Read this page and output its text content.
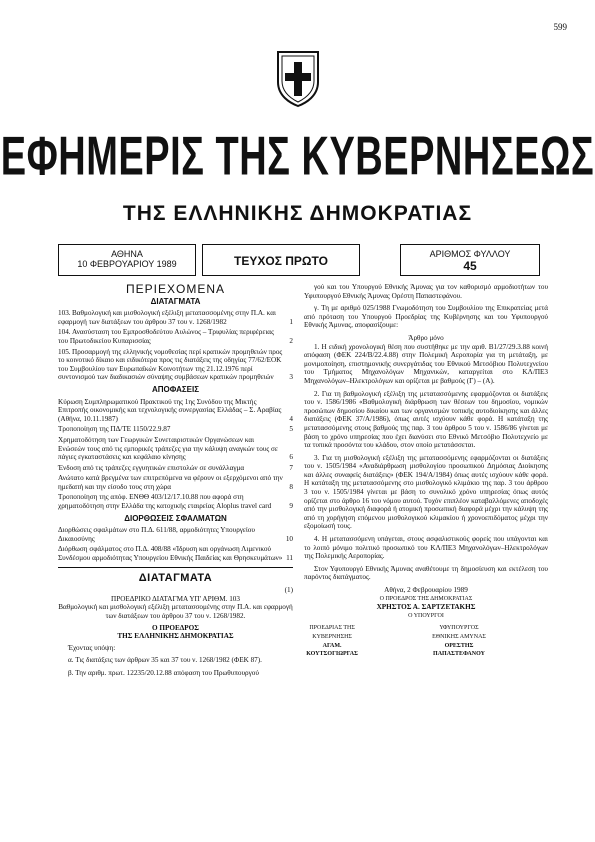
599
ΕΦΗΜΕΡΙΣ ΤΗΣ ΚΥΒΕΡΝΗΣΕΩΣ
ΤΗΣ ΕΛΛΗΝΙΚΗΣ ΔΗΜΟΚΡΑΤΙΑΣ
ΑΘΗΝΑ
10 ΦΕΒΡΟΥΑΡΙΟΥ 1989	ΤΕΥΧΟΣ ΠΡΩΤΟ	ΑΡΙΘΜΟΣ ΦΥΛΛΟΥ
45
ΠΕΡΙΕΧΟΜΕΝΑ
ΔΙΑΤΑΓΜΑΤΑ
103.Βαθμολογική και μισθολογική εξέλιξη μετατασσομένης στην Π.Α. και εφαρμογή των διατάξεων του άρθρου 37 του ν. 1268/1982	1
104.Ανασύσταση του Εμπροσθοδεύτου Αυλώνος – Τριφυλίας περιφέρειας του Πρωτοδικείου Κυπαρισσίας	2
105.Προσαρμογή της ελληνικής νομοθεσίας περί κρατικών προμηθειών προς το κοινοτικό δίκαιο και ειδικότερα προς τις διατάξεις της οδηγίας 77/62/ΕΟΚ του Συμβουλίου των Ευρωπαϊκών Κοινοτήτων της 21.12.1976 περί συντονισμού των διαδικασιών σύναψης συμβάσεων κρατικών προμηθειών 3
ΑΠΟΦΑΣΕΙΣ
Κύρωση Συμπληρωματικού Πρακτικού της 1ης Συνόδου της Μικτής Επιτροπής οικονομικής και τεχνολογικής συνεργασίας Ελλάδας – Σ. Αραβίας (Αθήνα, 10.11.1987)	4
Τροποποίηση της ΠΔ/ΤΕ 1150/22.9.87	5
Χρηματοδότηση των Γεωργικών Συνεταιριστικών Οργανώσεων και Ενώσεών τους από τις εμπορικές τράπεζες για την κάλυψη αναγκών τους σε πάγιες εγκαταστάσεις και κεφάλαιο κίνησης	6
Ένδοση από τις τράπεζες εγγυητικών επιστολών σε συνάλλαγμα	7
Ανώτατο κατά βρεγμένα των επιτρεπόμενα να φέρουν οι εξερχόμενοι από την ημεδαπή και την είσοδο τους στη χώρα	8
Τροποποίηση της απόφ. ΕΝΘΘ 403/12/17.10.88 που αφορά στη χρηματοδότηση στην Ελλάδα της κατοχικής εταιρείας Aloplus travel card	9
ΔΙΟΡΘΩΣΕΙΣ ΣΦΑΛΜΑΤΩΝ
Διορθώσεις σφαλμάτων στο Π.Δ. 611/88, αρμοδιότητες Υπουργείου Δικαιοσύνης	10
Διόρθωση σφάλματος στο Π.Δ. 408/88 «Ίδρυση και οργάνωση Λιμενικού Συνδέσμου αρμοδιότητας Υπουργείου Εθνικής Παιδείας και Θρησκευμάτων» 11
ΔΙΑΤΑΓΜΑΤΑ
(1)
ΠΡΟΕΔΡΙΚΟ ΔΙΑΤΑΓΜΑ ΥΠ' ΑΡΙΘΜ. 103
Βαθμολογική και μισθολογική εξέλιξη μετατασσομένης στην Π.Α. και εφαρμογή των διατάξεων του άρθρου 37 του ν. 1268/1982.
Ο ΠΡΟΕΔΡΟΣ
ΤΗΣ ΕΛΛΗΝΙΚΗΣ ΔΗΜΟΚΡΑΤΙΑΣ
Έχοντας υπόψη:
α. Τις διατάξεις των άρθρων 35 και 37 του ν. 1268/1982 (ΦΕΚ 87).
β. Την αριθμ. πρωτ. 12235/20.12.88 απόφαση του Πρωθυπουργού
γού και του Υπουργού Εθνικής Άμυνας για τον καθορισμό αρμοδιοτήτων του Υφυπουργού Εθνικής Άμυνας Ορέστη Παπαστεφάνου.
γ. Τη με αριθμό 025/1988 Γνωμοδότηση του Συμβουλίου της Επικρατείας μετά από πρόταση του Υπουργού Προεδρίας της Κυβέρνησης και του Υφυπουργού Εθνικής Άμυνας, αποφασίζουμε:
Άρθρο μόνο
1. Η ειδική χρονολογική θέση που συστήθηκε με την αριθ. Β1/27/29.3.88 κοινή απόφαση (ΦΕΚ 224/Β/22.4.88) στην Πολεμική Αεροπορία για τη μετάταξη, με μονιμοποίηση, επιστημονικής συνεργάτιδας του Εθνικού Μετσόβιου Πολυτεχνείου του Τμήματος Μηχανολόγων Μηχανικών, καταργείται στο ΚΛ/ΠΕ3 Μηχανολόγων–Ηλεκτρολόγων και ορίζεται με βαθμούς (Γ) – (Α).
2. Για τη βαθμολογική εξέλιξη της μετατασσόμενης εφαρμόζονται οι διατάξεις του ν. 1586/1986 «Βαθμολογική διάρθρωση των θέσεων του δημοσίου, νομικών προσώπων δημοσίου δικαίου και των οργανισμών τοπικής αυτοδιοίκησης και άλλες διατάξεις (ΦΕΚ 37/Α/1986), όπως αυτές ισχύουν κάθε φορά. Η κατάταξη της μετατασσόμενης στους βαθμούς της παρ. 3 του άρθρου 5 του ν. 1586/86 γίνεται με βάση το χρόνο υπηρεσίας που έχει διανύσει στο Εθνικό Μετσόβιο Πολυτεχνείο με τα τυπικά προσόντα του κλάδου, στον οποίο μετατάσσεται.
3. Για τη μισθολογική εξέλιξη της μετατασσόμενης εφαρμόζονται οι διατάξεις του ν. 1505/1984 «Αναδιάρθρωση μισθολογίου προσωπικού Δημόσιας Διοίκησης και άλλες συναφείς διατάξεις» (ΦΕΚ 194/Α/1984) όπως αυτές ισχύουν κάθε φορά. Η κατάταξη της μετατασσόμενης στο μισθολογικό κλιμάκιο της παρ. 3 του άρθρου 3 του ν. 1505/1984 γίνεται με βάση το συνολικό χρόνο υπηρεσίας όπως αυτός ορίζεται στο άρθρο 16 του νόμου αυτού. Τυχόν επιπλέον καταβαλλόμενες αποδοχές από την μισθολογική διαφορά ή ατομική προσωπική διαφορά μέχρι την κάλυψη της από τη χορήγηση επόμενου μισθολογικού κλιμακίου ή χρονοεπιδόματος μέχρι την εξομοίωσή τους.
4. Η μετατασσόμενη υπάγεται, στους ασφαλιστικούς φορείς που υπάγονται και το λοιπό μόνιμο πολιτικό προσωπικό του ΚΛ/ΠΕ3 Μηχανολόγων–Ηλεκτρολόγων της Πολεμικής Αεροπορίας.
Στον Υφυπουργό Εθνικής Άμυνας αναθέτουμε τη δημοσίευση και εκτέλεση του παρόντος διατάγματος.
Αθήνα, 2 Φεβρουαρίου 1989
Ο ΠΡΟΕΔΡΟΣ ΤΗΣ ΔΗΜΟΚΡΑΤΙΑΣ
ΧΡΗΣΤΟΣ Α. ΣΑΡΤΖΕΤΑΚΗΣ
Ο ΥΠΟΥΡΓΟΙ
ΠΡΟΕΔΡΙΑΣ ΤΗΣ ΚΥΒΕΡΝΗΣΗΣ
ΑΓΑΜ. ΚΟΥΤΣΟΓΙΩΡΓΑΣ
ΥΦΥΠΟΥΡΓΟΣ ΕΘΝΙΚΗΣ ΑΜΥΝΑΣ
ΟΡΕΣΤΗΣ ΠΑΠΑΣΤΕΦΑΝΟΥ
